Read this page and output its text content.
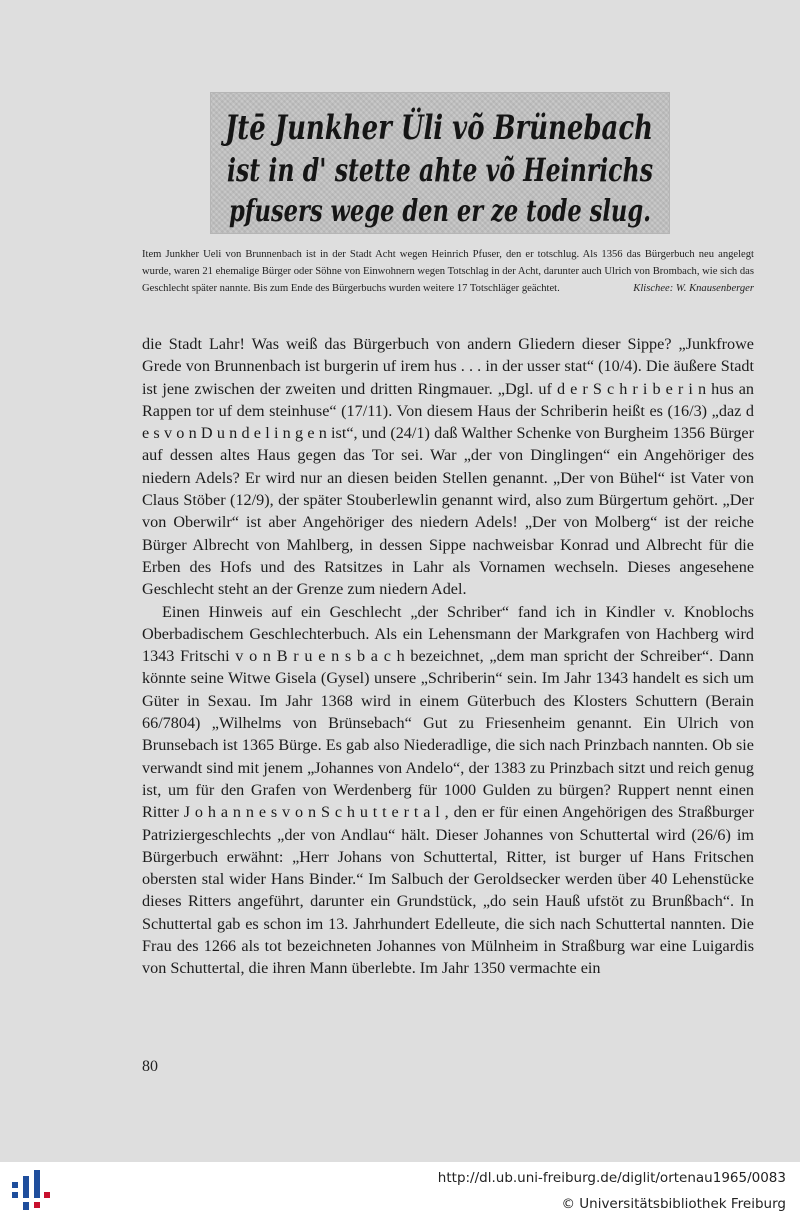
Jtē Junkher Üli võ Brünebach
ist in d' stette ahte võ Heinrichs
pfusers wege den er ze tode slug.
Item Junkher Ueli von Brunnenbach ist in der Stadt Acht wegen Heinrich Pfuser, den er totschlug. Als 1356 das Bürgerbuch neu angelegt wurde, waren 21 ehemalige Bürger oder Söhne von Einwohnern wegen Totschlag in der Acht, darunter auch Ulrich von Brombach, wie sich das Geschlecht später nannte. Bis zum Ende des Bürgerbuchs wurden weitere 17 Totschläger geächtet.	Klischee: W. Knausenberger

die Stadt Lahr! Was weiß das Bürgerbuch von andern Gliedern dieser Sippe? „Junkfrowe Grede von Brunnenbach ist burgerin uf irem hus . . . in der usser stat“ (10/4). Die äußere Stadt ist jene zwischen der zweiten und dritten Ringmauer. „Dgl. uf d e r S c h r i b e r i n hus an Rappen tor uf dem steinhuse“ (17/11). Von diesem Haus der Schriberin heißt es (16/3) „daz d e s v o n D u n d e l i n g e n ist“, und (24/1) daß Walther Schenke von Burgheim 1356 Bürger auf dessen altes Haus gegen das Tor sei. War „der von Dinglingen“ ein Angehöriger des niedern Adels? Er wird nur an diesen beiden Stellen genannt. „Der von Bühel“ ist Vater von Claus Stöber (12/9), der später Stouberlewlin genannt wird, also zum Bürgertum gehört. „Der von Oberwilr“ ist aber Angehöriger des niedern Adels! „Der von Molberg“ ist der reiche Bürger Albrecht von Mahlberg, in dessen Sippe nachweisbar Konrad und Albrecht für die Erben des Hofs und des Ratsitzes in Lahr als Vornamen wechseln. Dieses angesehene Geschlecht steht an der Grenze zum niedern Adel.

Einen Hinweis auf ein Geschlecht „der Schriber“ fand ich in Kindler v. Knoblochs Oberbadischem Geschlechterbuch. Als ein Lehensmann der Markgrafen von Hachberg wird 1343 Fritschi v o n B r u e n s b a c h bezeichnet, „dem man spricht der Schreiber“. Dann könnte seine Witwe Gisela (Gysel) unsere „Schriberin“ sein. Im Jahr 1343 handelt es sich um Güter in Sexau. Im Jahr 1368 wird in einem Güterbuch des Klosters Schuttern (Berain 66/7804) „Wilhelms von Brünsebach“ Gut zu Friesenheim genannt. Ein Ulrich von Brunsebach ist 1365 Bürge. Es gab also Niederadlige, die sich nach Prinzbach nannten. Ob sie verwandt sind mit jenem „Johannes von Andelo“, der 1383 zu Prinzbach sitzt und reich genug ist, um für den Grafen von Werdenberg für 1000 Gulden zu bürgen? Ruppert nennt einen Ritter J o h a n n e s v o n S c h u t t e r t a l , den er für einen Angehörigen des Straßburger Patriziergeschlechts „der von Andlau“ hält. Dieser Johannes von Schuttertal wird (26/6) im Bürgerbuch erwähnt: „Herr Johans von Schuttertal, Ritter, ist burger uf Hans Fritschen obersten stal wider Hans Binder.“ Im Salbuch der Geroldsecker werden über 40 Lehenstücke dieses Ritters angeführt, darunter ein Grundstück, „do sein Hauß ufstöt zu Brunßbach“. In Schuttertal gab es schon im 13. Jahrhundert Edelleute, die sich nach Schuttertal nannten. Die Frau des 1266 als tot bezeichneten Johannes von Mülnheim in Straßburg war eine Luigardis von Schuttertal, die ihren Mann überlebte. Im Jahr 1350 vermachte ein

80
http://dl.ub.uni-freiburg.de/diglit/ortenau1965/0083
© Universitätsbibliothek Freiburg
